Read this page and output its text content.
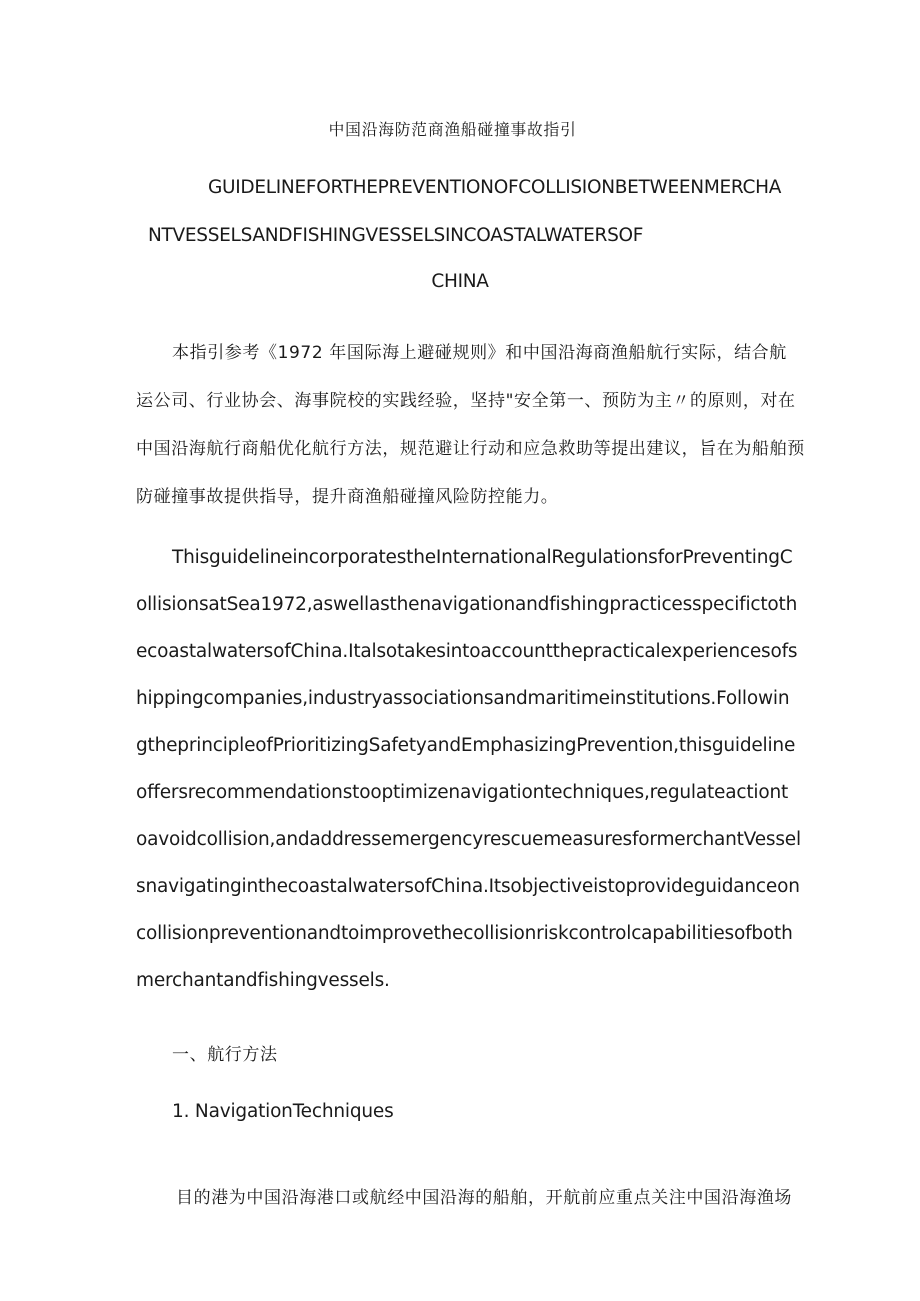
中国沿海防范商渔船碰撞事故指引

GUIDELINEFORTHEPREVENTIONOFCOLLISIONBETWEENMERCHA

NTVESSELSANDFISHINGVESSELSINCOASTALWATERSOF

CHINA

本指引参考《1972 年国际海上避碰规则》和中国沿海商渔船航行实际，结合航

运公司、行业协会、海事院校的实践经验，坚持"安全第一、预防为主〃的原则，对在

中国沿海航行商船优化航行方法，规范避让行动和应急救助等提出建议，旨在为船舶预

防碰撞事故提供指导，提升商渔船碰撞风险防控能力。

ThisguidelineincorporatestheInternationalRegulationsforPreventingC

ollisionsatSea1972,aswellasthenavigationandfishingpracticesspecifictoth

ecoastalwatersofChina.Italsotakesintoaccountthepracticalexperiencesofs

hippingcompanies,industryassociationsandmaritimeinstitutions.Followin

gtheprincipleofPrioritizingSafetyandEmphasizingPrevention,thisguideline

offersrecommendationstooptimizenavigationtechniques,regulateactiont

oavoidcollision,andaddressemergencyrescuemeasuresformerchantVessel

snavigatinginthecoastalwatersofChina.Itsobjectiveistoprovideguidanceon

collisionpreventionandtoimprovethecollisionriskcontrolcapabilitiesofboth

merchantandfishingvessels.

一、航行方法

1. NavigationTechniques

目的港为中国沿海港口或航经中国沿海的船舶，开航前应重点关注中国沿海渔场
